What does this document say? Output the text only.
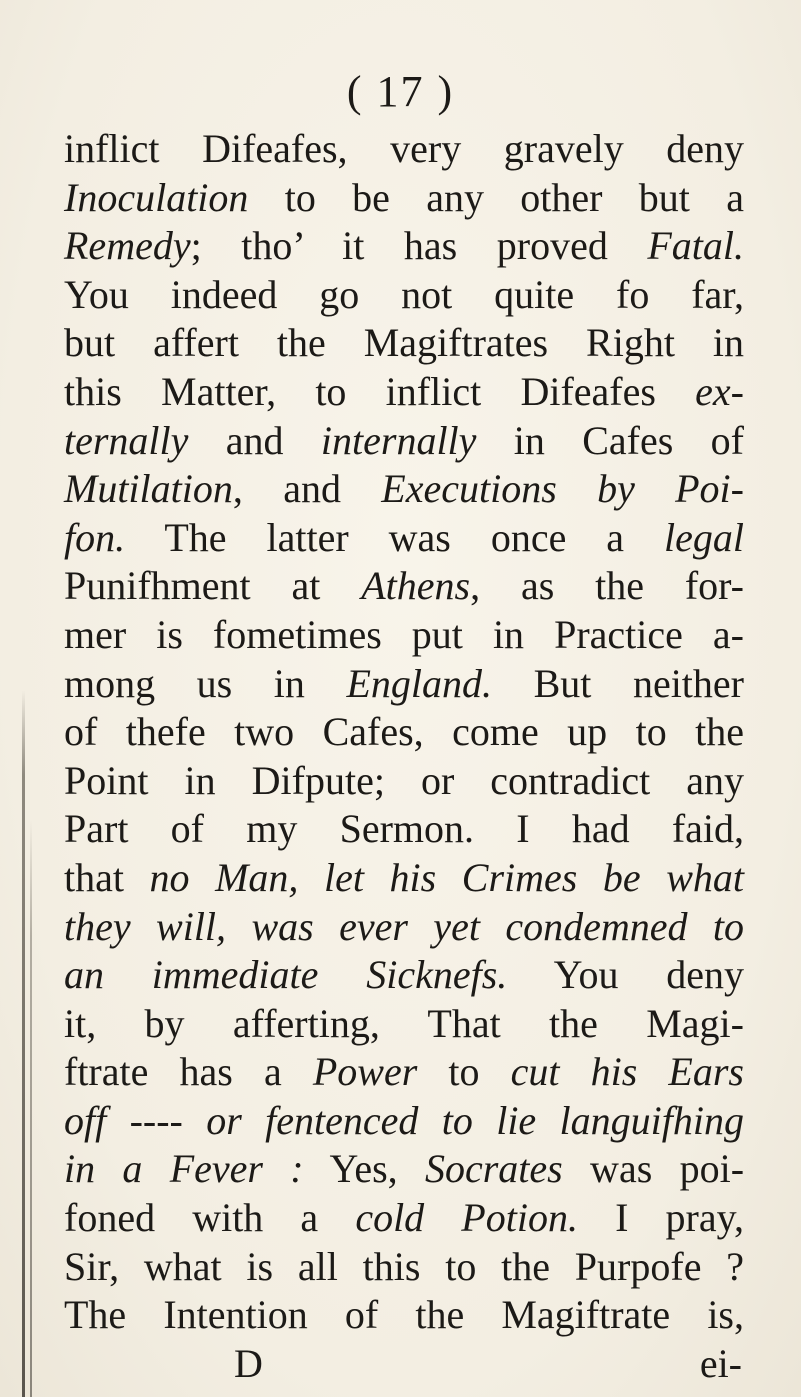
( 17 )
inflict Difeafes, very gravely deny
Inoculation to be any other but a
Remedy; tho’ it has proved Fatal.
You indeed go not quite fo far,
but affert the Magiftrates Right in
this Matter, to inflict Difeafes ex-
ternally and internally in Cafes of
Mutilation, and Executions by Poi-
fon. The latter was once a legal
Punifhment at Athens, as the for-
mer is fometimes put in Practice a-
mong us in England. But neither
of thefe two Cafes, come up to the
Point in Difpute; or contradict any
Part of my Sermon. I had faid,
that no Man, let his Crimes be what
they will, was ever yet condemned to
an immediate Sicknefs. You deny
it, by afferting, That the Magi-
ftrate has a Power to cut his Ears
off ---- or fentenced to lie languifhing
in a Fever : Yes, Socrates was poi-
foned with a cold Potion. I pray,
Sir, what is all this to the Purpofe ?
The Intention of the Magiftrate is,
D	ei-
